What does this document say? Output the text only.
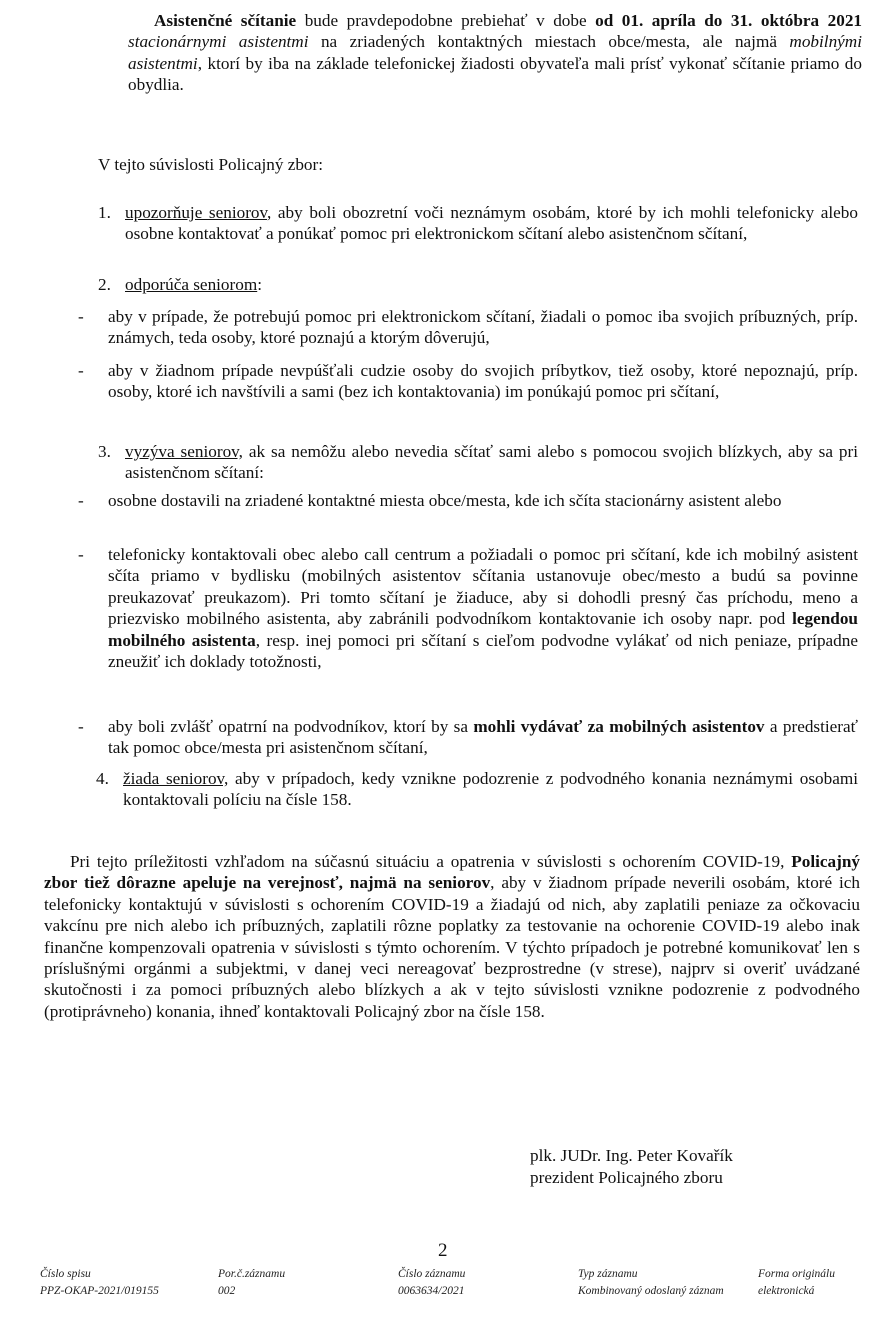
Asistenčné sčítanie bude pravdepodobne prebiehať v dobe od 01. apríla do 31. októbra 2021 stacionárnymi asistentmi na zriadených kontaktných miestach obce/mesta, ale najmä mobilnými asistentmi, ktorí by iba na základe telefonickej žiadosti obyvateľa mali prísť vykonať sčítanie priamo do obydlia.
V tejto súvislosti Policajný zbor:
1. upozorňuje seniorov, aby boli obozretní voči neznámym osobám, ktoré by ich mohli telefonicky alebo osobne kontaktovať a ponúkať pomoc pri elektronickom sčítaní alebo asistenčnom sčítaní,
2. odporúča seniorom:
- aby v prípade, že potrebujú pomoc pri elektronickom sčítaní, žiadali o pomoc iba svojich príbuzných, príp. známych, teda osoby, ktoré poznajú a ktorým dôverujú,
- aby v žiadnom prípade nevpúšťali cudzie osoby do svojich príbytkov, tiež osoby, ktoré nepoznajú, príp. osoby, ktoré ich navštívili a sami (bez ich kontaktovania) im ponúkajú pomoc pri sčítaní,
3. vyzýva seniorov, ak sa nemôžu alebo nevedia sčítať sami alebo s pomocou svojich blízkych, aby sa pri asistenčnom sčítaní:
- osobne dostavili na zriadené kontaktné miesta obce/mesta, kde ich sčíta stacionárny asistent alebo
- telefonicky kontaktovali obec alebo call centrum a požiadali o pomoc pri sčítaní, kde ich mobilný asistent sčíta priamo v bydlisku (mobilných asistentov sčítania ustanovuje obec/mesto a budú sa povinne preukazovať preukazom). Pri tomto sčítaní je žiaduce, aby si dohodli presný čas príchodu, meno a priezvisko mobilného asistenta, aby zabránili podvodníkom kontaktovanie ich osoby napr. pod legendou mobilného asistenta, resp. inej pomoci pri sčítaní s cieľom podvodne vylákať od nich peniaze, prípadne zneužiť ich doklady totožnosti,
- aby boli zvlášť opatrní na podvodníkov, ktorí by sa mohli vydávať za mobilných asistentov a predstierať tak pomoc obce/mesta pri asistenčnom sčítaní,
4. žiada seniorov, aby v prípadoch, kedy vznikne podozrenie z podvodného konania neznámymi osobami kontaktovali políciu na čísle 158.
Pri tejto príležitosti vzhľadom na súčasnú situáciu a opatrenia v súvislosti s ochorením COVID-19, Policajný zbor tiež dôrazne apeluje na verejnosť, najmä na seniorov, aby v žiadnom prípade neverili osobám, ktoré ich telefonicky kontaktujú v súvislosti s ochorením COVID-19 a žiadajú od nich, aby zaplatili peniaze za očkovaciu vakcínu pre nich alebo ich príbuzných, zaplatili rôzne poplatky za testovanie na ochorenie COVID-19 alebo inak finančne kompenzovali opatrenia v súvislosti s týmto ochorením. V týchto prípadoch je potrebné komunikovať len s príslušnými orgánmi a subjektmi, v danej veci nereagovať bezprostredne (v strese), najprv si overiť uvádzané skutočnosti i za pomoci príbuzných alebo blízkych a ak v tejto súvislosti vznikne podozrenie z podvodného (protiprávneho) konania, ihneď kontaktovali Policajný zbor na čísle 158.
plk. JUDr. Ing. Peter Kovařík
prezident Policajného zboru
2
Číslo spisu
PPZ-OKAP-2021/019155
Por.č.záznamu
002
Číslo záznamu
0063634/2021
Typ záznamu
Kombinovaný odoslaný záznam
Forma originálu
elektronická
